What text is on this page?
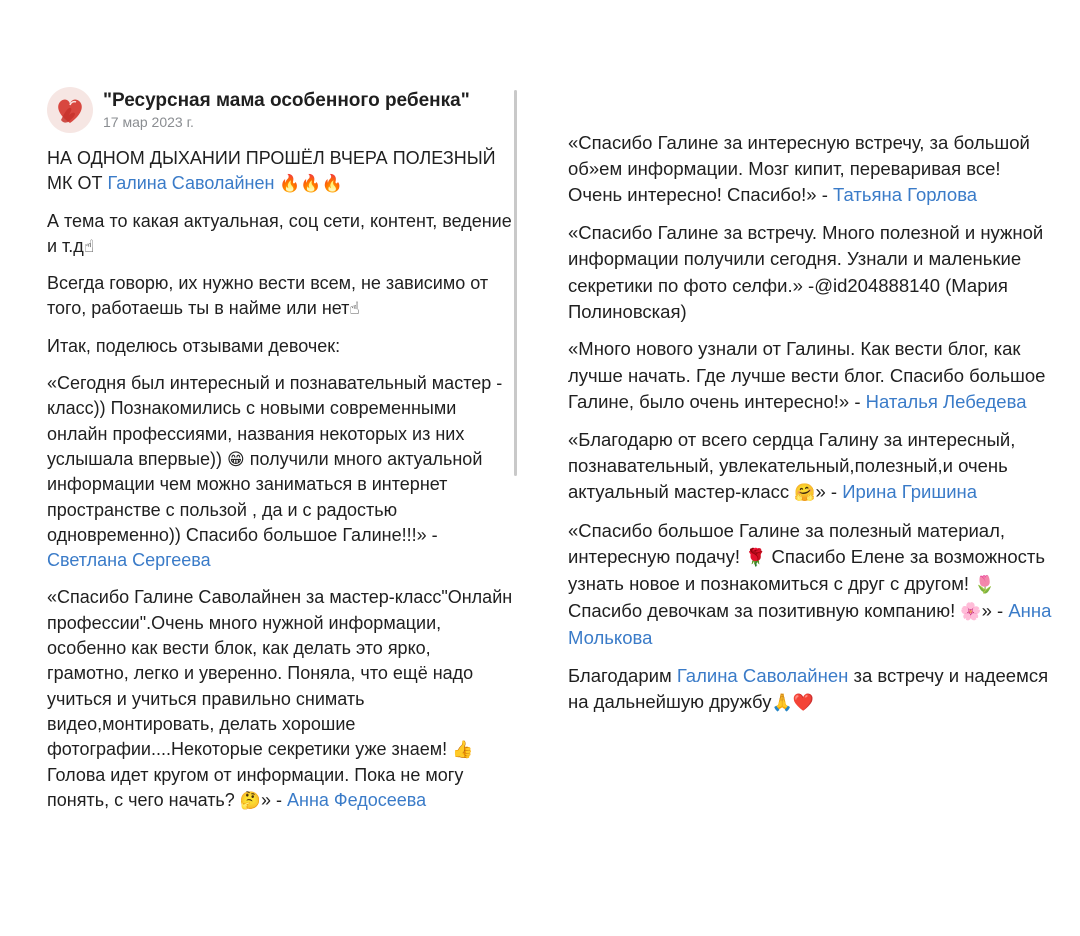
"Ресурсная мама особенного ребенка"
17 мар 2023 г.

НА ОДНОМ ДЫХАНИИ ПРОШЁЛ ВЧЕРА ПОЛЕЗНЫЙ МК ОТ Галина Саволайнен 🔥🔥🔥

А тема то какая актуальная, соц сети, контент, ведение и т.д☝

Всегда говорю, их нужно вести всем, не зависимо от того, работаешь ты в найме или нет☝

Итак, поделюсь отзывами девочек:

«Сегодня был интересный и познавательный мастер - класс)) Познакомились с новыми современными онлайн профессиями, названия некоторых из них услышала впервые)) 😁 получили много актуальной информации чем можно заниматься в интернет пространстве с пользой , да и с радостью одновременно)) Спасибо большое Галине!!!» - Светлана Сергеева

«Спасибо Галине Саволайнен за мастер-класс"Онлайн профессии".Очень много нужной информации, особенно как вести блок, как делать это ярко, грамотно, легко и уверенно. Поняла, что ещё надо учиться и учиться правильно снимать видео,монтировать, делать хорошие фотографии....Некоторые секретики уже знаем! 👍 Голова идет кругом от информации. Пока не могу понять, с чего начать? 🤔» - Анна Федосеева

«Спасибо Галине за интересную встречу, за большой об»ем информации. Мозг кипит, переваривая все! Очень интересно! Спасибо!» - Татьяна Горлова

«Спасибо Галине за встречу. Много полезной и нужной информации получили сегодня. Узнали и маленькие секретики по фото селфи.» -@id204888140 (Мария Полиновская)

«Много нового узнали от Галины. Как вести блог, как лучше начать. Где лучше вести блог. Спасибо большое Галине, было очень интересно!» - Наталья Лебедева

«Благодарю от всего сердца Галину за интересный, познавательный, увлекательный,полезный,и очень актуальный мастер-класс 🤗» - Ирина Гришина

«Спасибо большое Галине за полезный материал, интересную подачу! 🌹 Спасибо Елене за возможность узнать новое и познакомиться с друг с другом! 🌷 Спасибо девочкам за позитивную компанию! 🌸» - Анна Молькова

Благодарим Галина Саволайнен за встречу и надеемся на дальнейшую дружбу🙏❤️
